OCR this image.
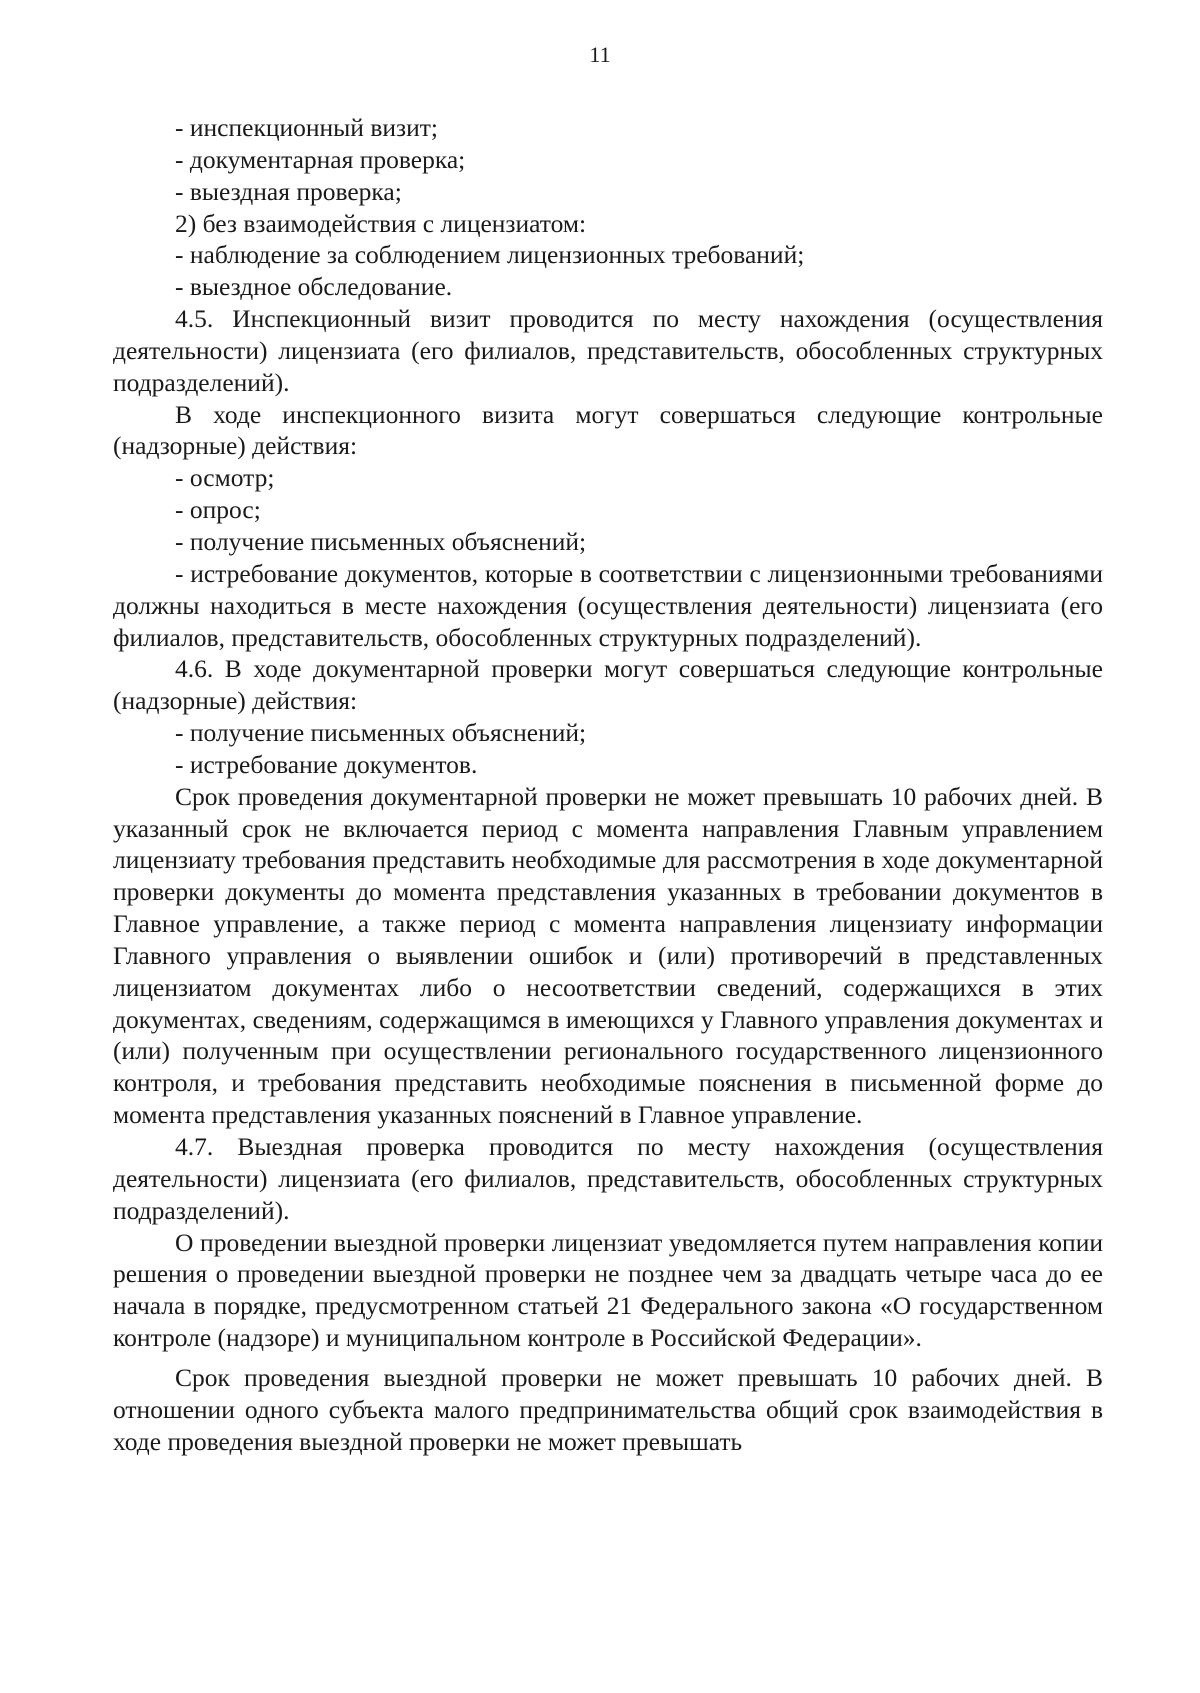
11
- инспекционный визит;
- документарная проверка;
- выездная проверка;
2) без взаимодействия с лицензиатом:
- наблюдение за соблюдением лицензионных требований;
- выездное обследование.

4.5. Инспекционный визит проводится по месту нахождения (осуществления деятельности) лицензиата (его филиалов, представительств, обособленных структурных подразделений).

В ходе инспекционного визита могут совершаться следующие контрольные (надзорные) действия:

- осмотр;
- опрос;
- получение письменных объяснений;

- истребование документов, которые в соответствии с лицензионными требованиями должны находиться в месте нахождения (осуществления деятельности) лицензиата (его филиалов, представительств, обособленных структурных подразделений).

4.6. В ходе документарной проверки могут совершаться следующие контрольные (надзорные) действия:

- получение письменных объяснений;
- истребование документов.

Срок проведения документарной проверки не может превышать 10 рабочих дней. В указанный срок не включается период с момента направления Главным управлением лицензиату требования представить необходимые для рассмотрения в ходе документарной проверки документы до момента представления указанных в требовании документов в Главное управление, а также период с момента направления лицензиату информации Главного управления о выявлении ошибок и (или) противоречий в представленных лицензиатом документах либо о несоответствии сведений, содержащихся в этих документах, сведениям, содержащимся в имеющихся у Главного управления документах и (или) полученным при осуществлении регионального государственного лицензионного контроля, и требования представить необходимые пояснения в письменной форме до момента представления указанных пояснений в Главное управление.

4.7. Выездная проверка проводится по месту нахождения (осуществления деятельности) лицензиата (его филиалов, представительств, обособленных структурных подразделений).

О проведении выездной проверки лицензиат уведомляется путем направления копии решения о проведении выездной проверки не позднее чем за двадцать четыре часа до ее начала в порядке, предусмотренном статьей 21 Федерального закона «О государственном контроле (надзоре) и муниципальном контроле в Российской Федерации».

Срок проведения выездной проверки не может превышать 10 рабочих дней. В отношении одного субъекта малого предпринимательства общий срок взаимодействия в ходе проведения выездной проверки не может превышать
